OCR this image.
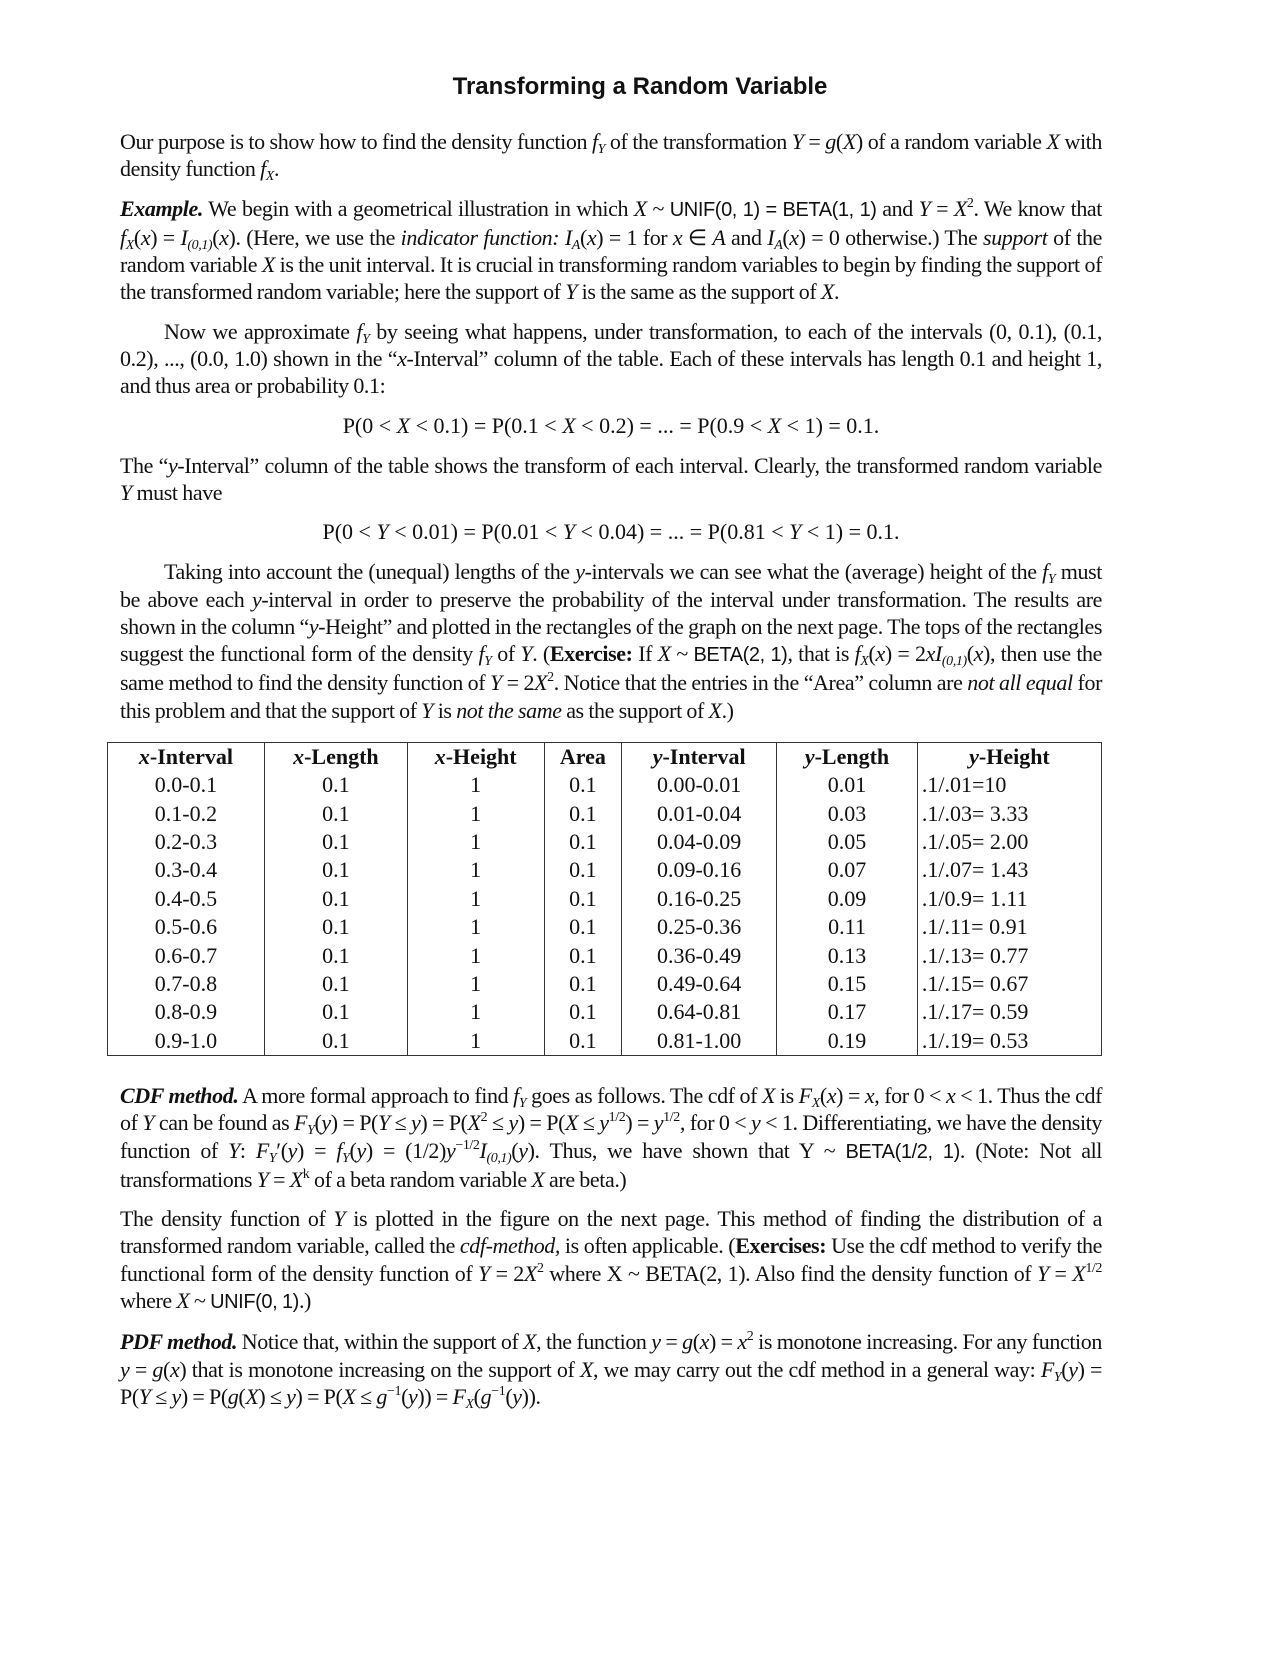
Transforming a Random Variable
Our purpose is to show how to find the density function $f_Y$ of the transformation Y = g(X) of a random variable X with density function $f_X$.
Example. We begin with a geometrical illustration in which X ~ UNIF(0, 1) = BETA(1, 1) and $Y = X^2$. We know that $f_X(x) = I_{(0,1)}(x)$. (Here, we use the indicator function: $I_A(x) = 1$ for x ∈ A and $I_A(x) = 0$ otherwise.) The support of the random variable X is the unit interval. It is crucial in transforming random variables to begin by finding the support of the transformed random variable; here the support of Y is the same as the support of X.
Now we approximate $f_Y$ by seeing what happens, under transformation, to each of the intervals (0, 0.1), (0.1, 0.2), ..., (0.0, 1.0) shown in the “x-Interval” column of the table. Each of these intervals has length 0.1 and height 1, and thus area or probability 0.1:
P(0 < X < 0.1) = P(0.1 < X < 0.2) = ... = P(0.9 < X < 1) = 0.1.
The “y-Interval” column of the table shows the transform of each interval. Clearly, the transformed random variable Y must have
P(0 < Y < 0.01) = P(0.01 < Y < 0.04) = ... = P(0.81 < Y < 1) = 0.1.
Taking into account the (unequal) lengths of the y-intervals we can see what the (average) height of the $f_Y$ must be above each y-interval in order to preserve the probability of the interval under transformation. The results are shown in the column “y-Height” and plotted in the rectangles of the graph on the next page. The tops of the rectangles suggest the functional form of the density $f_Y$ of Y. (Exercise: If X ~ BETA(2, 1), that is $f_X(x) = 2xI_{(0,1)}(x)$, then use the same method to find the density function of $Y = 2X^2$. Notice that the entries in the “Area” column are not all equal for this problem and that the support of Y is not the same as the support of X.)
x-Interval	x-Length	x-Height	Area	y-Interval	y-Length	y-Height
0.0-0.1	0.1	1	0.1	0.00-0.01	0.01	.1/.01=10
0.1-0.2	0.1	1	0.1	0.01-0.04	0.03	.1/.03= 3.33
0.2-0.3	0.1	1	0.1	0.04-0.09	0.05	.1/.05= 2.00
0.3-0.4	0.1	1	0.1	0.09-0.16	0.07	.1/.07= 1.43
0.4-0.5	0.1	1	0.1	0.16-0.25	0.09	.1/0.9= 1.11
0.5-0.6	0.1	1	0.1	0.25-0.36	0.11	.1/.11= 0.91
0.6-0.7	0.1	1	0.1	0.36-0.49	0.13	.1/.13= 0.77
0.7-0.8	0.1	1	0.1	0.49-0.64	0.15	.1/.15= 0.67
0.8-0.9	0.1	1	0.1	0.64-0.81	0.17	.1/.17= 0.59
0.9-1.0	0.1	1	0.1	0.81-1.00	0.19	.1/.19= 0.53
CDF method. A more formal approach to find $f_Y$ goes as follows. The cdf of X is $F_X(x) = x$, for 0 < x < 1. Thus the cdf of Y can be found as $F_Y(y) = P(Y \le y) = P(X^2 \le y) = P(X \le y^{1/2}) = y^{1/2}$, for 0 < y < 1. Differentiating, we have the density function of Y: $F_Y'(y) = f_Y(y) = (1/2)y^{-1/2}I_{(0,1)}(y)$. Thus, we have shown that Y ~ BETA(1/2, 1). (Note: Not all transformations $Y = X^k$ of a beta random variable X are beta.)
The density function of Y is plotted in the figure on the next page. This method of finding the distribution of a transformed random variable, called the cdf-method, is often applicable. (Exercises: Use the cdf method to verify the functional form of the density function of $Y = 2X^2$ where X ~ BETA(2, 1). Also find the density function of $Y = X^{1/2}$ where X ~ UNIF(0, 1).)
PDF method. Notice that, within the support of X, the function $y = g(x) = x^2$ is monotone increasing. For any function y = g(x) that is monotone increasing on the support of X, we may carry out the cdf method in a general way: $F_Y(y) = P(Y \le y) = P(g(X) \le y) = P(X \le g^{-1}(y)) = F_X(g^{-1}(y))$.
